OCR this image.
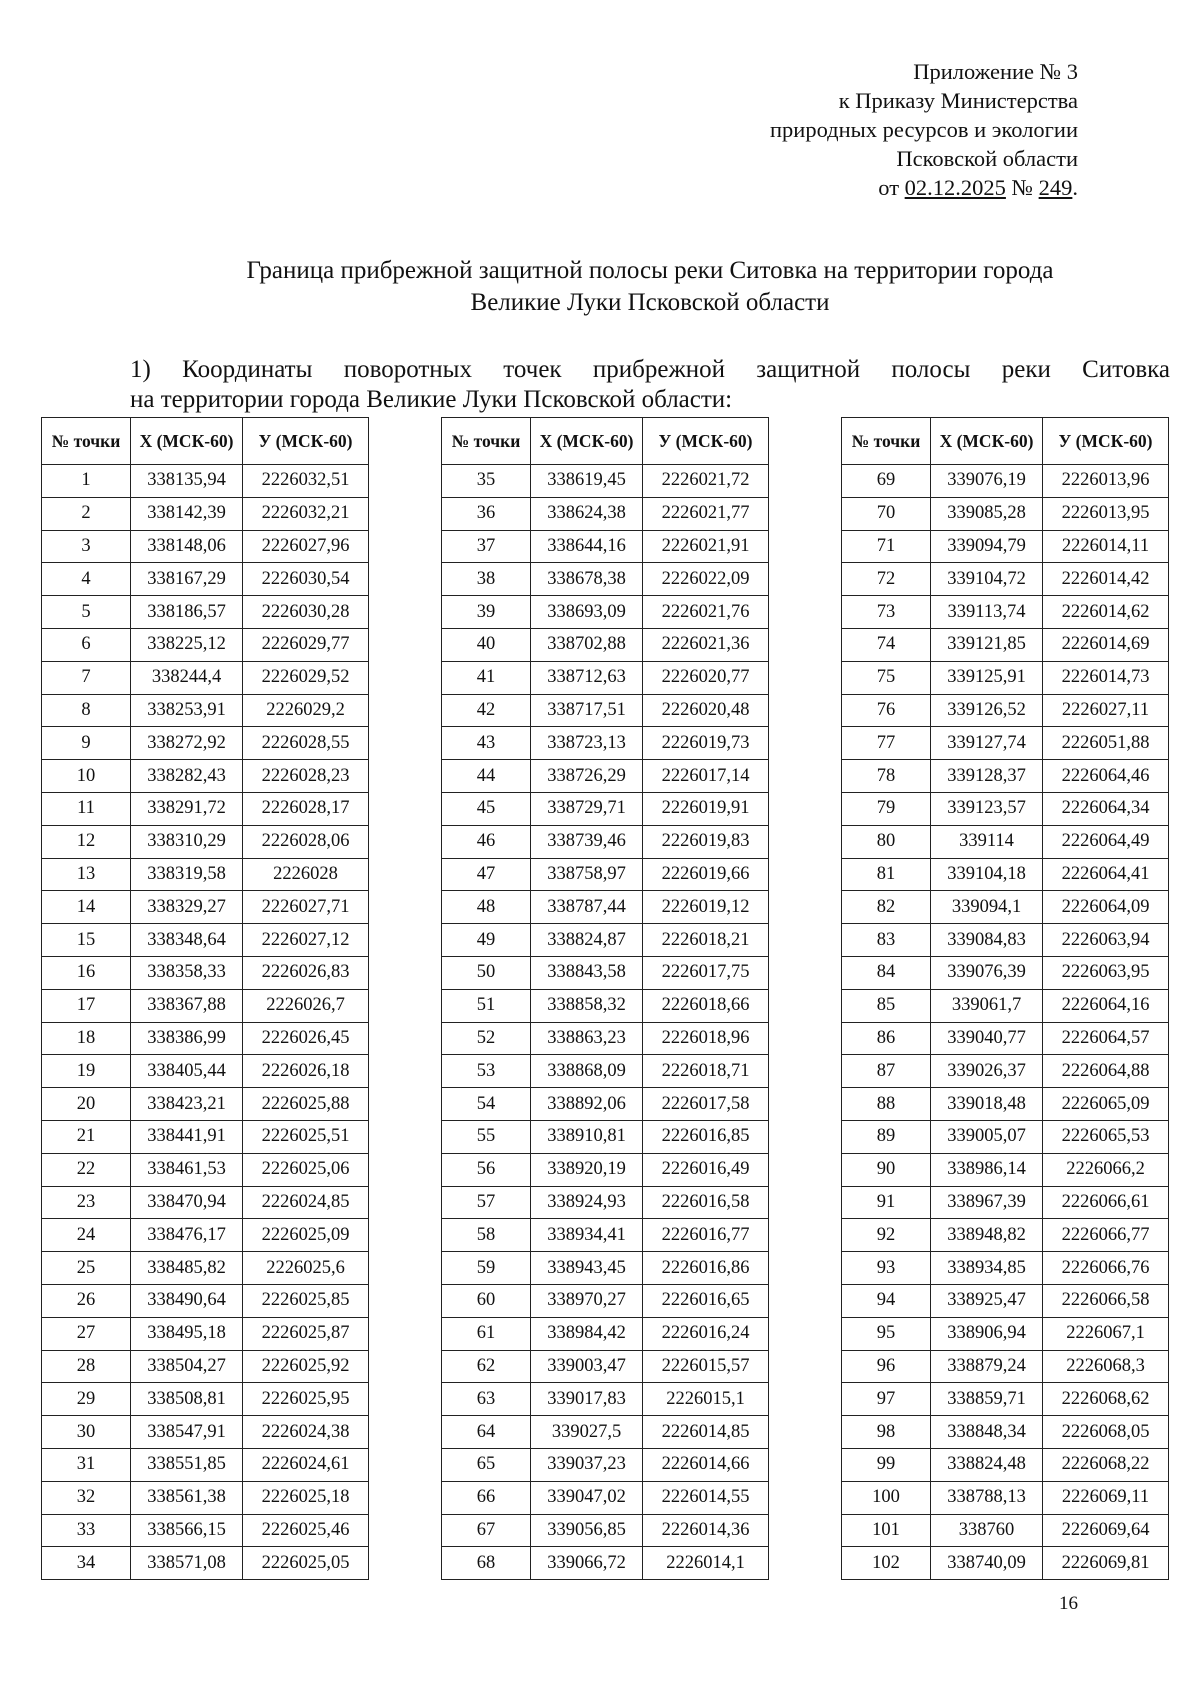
Приложение № 3
к Приказу Министерства
природных ресурсов и экологии
Псковской области
от 02.12.2025 № 249.
Граница прибрежной защитной полосы реки Ситовка на территории города
Великие Луки Псковской области
1) Координаты поворотных точек прибрежной защитной полосы реки Ситовка
на территории города Великие Луки Псковской области:
№ точки	X (МСК-60)	У (МСК-60)
1	338135,94	2226032,51
2	338142,39	2226032,21
3	338148,06	2226027,96
4	338167,29	2226030,54
5	338186,57	2226030,28
6	338225,12	2226029,77
7	338244,4	2226029,52
8	338253,91	2226029,2
9	338272,92	2226028,55
10	338282,43	2226028,23
11	338291,72	2226028,17
12	338310,29	2226028,06
13	338319,58	2226028
14	338329,27	2226027,71
15	338348,64	2226027,12
16	338358,33	2226026,83
17	338367,88	2226026,7
18	338386,99	2226026,45
19	338405,44	2226026,18
20	338423,21	2226025,88
21	338441,91	2226025,51
22	338461,53	2226025,06
23	338470,94	2226024,85
24	338476,17	2226025,09
25	338485,82	2226025,6
26	338490,64	2226025,85
27	338495,18	2226025,87
28	338504,27	2226025,92
29	338508,81	2226025,95
30	338547,91	2226024,38
31	338551,85	2226024,61
32	338561,38	2226025,18
33	338566,15	2226025,46
34	338571,08	2226025,05
№ точки	X (МСК-60)	У (МСК-60)
35	338619,45	2226021,72
36	338624,38	2226021,77
37	338644,16	2226021,91
38	338678,38	2226022,09
39	338693,09	2226021,76
40	338702,88	2226021,36
41	338712,63	2226020,77
42	338717,51	2226020,48
43	338723,13	2226019,73
44	338726,29	2226017,14
45	338729,71	2226019,91
46	338739,46	2226019,83
47	338758,97	2226019,66
48	338787,44	2226019,12
49	338824,87	2226018,21
50	338843,58	2226017,75
51	338858,32	2226018,66
52	338863,23	2226018,96
53	338868,09	2226018,71
54	338892,06	2226017,58
55	338910,81	2226016,85
56	338920,19	2226016,49
57	338924,93	2226016,58
58	338934,41	2226016,77
59	338943,45	2226016,86
60	338970,27	2226016,65
61	338984,42	2226016,24
62	339003,47	2226015,57
63	339017,83	2226015,1
64	339027,5	2226014,85
65	339037,23	2226014,66
66	339047,02	2226014,55
67	339056,85	2226014,36
68	339066,72	2226014,1
№ точки	X (МСК-60)	У (МСК-60)
69	339076,19	2226013,96
70	339085,28	2226013,95
71	339094,79	2226014,11
72	339104,72	2226014,42
73	339113,74	2226014,62
74	339121,85	2226014,69
75	339125,91	2226014,73
76	339126,52	2226027,11
77	339127,74	2226051,88
78	339128,37	2226064,46
79	339123,57	2226064,34
80	339114	2226064,49
81	339104,18	2226064,41
82	339094,1	2226064,09
83	339084,83	2226063,94
84	339076,39	2226063,95
85	339061,7	2226064,16
86	339040,77	2226064,57
87	339026,37	2226064,88
88	339018,48	2226065,09
89	339005,07	2226065,53
90	338986,14	2226066,2
91	338967,39	2226066,61
92	338948,82	2226066,77
93	338934,85	2226066,76
94	338925,47	2226066,58
95	338906,94	2226067,1
96	338879,24	2226068,3
97	338859,71	2226068,62
98	338848,34	2226068,05
99	338824,48	2226068,22
100	338788,13	2226069,11
101	338760	2226069,64
102	338740,09	2226069,81
16
